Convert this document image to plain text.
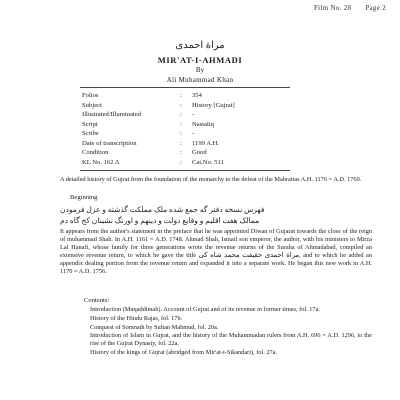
Film No. 28 Page 2
مراة احمدی
MIR'AT-I-AHMADI
By
Ali Muhammad Khan
Folios	:	354
Subject	:	History [Gujrat]
Illustrated/Illuminated	:	-
Script	:	Nastaliq
Scribe	:	-
Date of transcription	:	1199 A.H.
Condition	:	Good
KL No. 162 A	:	Cat.No. 511
A detailed history of Gujrat from the foundation of the monarchy to the defeat of the Mahrattas A.H. 1176 = A.D. 1760.
Beginning
فهرس نسخه دفتر گه جمع شده ملک مملکت گذشته و عزل فرمودن
ممالک هفت اقلیم و وقایع دولت و دینهم و اورنگ نشینان کج گاه دم
It appears from the author's statement in the preface that he was appointed Diwan of Gujarat towards the close of the reign of muhammad Shah. In A.H. 1161 = A.D. 1748. Ahmad Shah, Ismail son emperor, the author, with his ministers to Mirza Lal Hanafi, whose family for three generations wrote the revenue returns of the Suraha of Ahmadabad, compiled an extensive revenue return, to which he gave the title مراة احمدی حقیقت محمد شاه کی, and to which he added an appendix dealing portion from the revenue return and expanded it into a separate work. He began this new work in A.H. 1170 = A.D. 1756.
Contents:
Introduction (Muqaddimah). Account of Gujrat and of its revenue in former times, fol. 17a.
History of the Hindu Rajas, fol. 17b.
Conquest of Somnath by Sultan Mahmud, fol. 20a.
Introduction of Islam in Gujrat, and the history of the Muhammadan rulers from A.H. 696 = A.D. 1296, to the rise of the Gujrat Dynasty, fol. 22a.
History of the kings of Gujrat (abridged from Mir'at-i-Sikandari), fol. 27a.
